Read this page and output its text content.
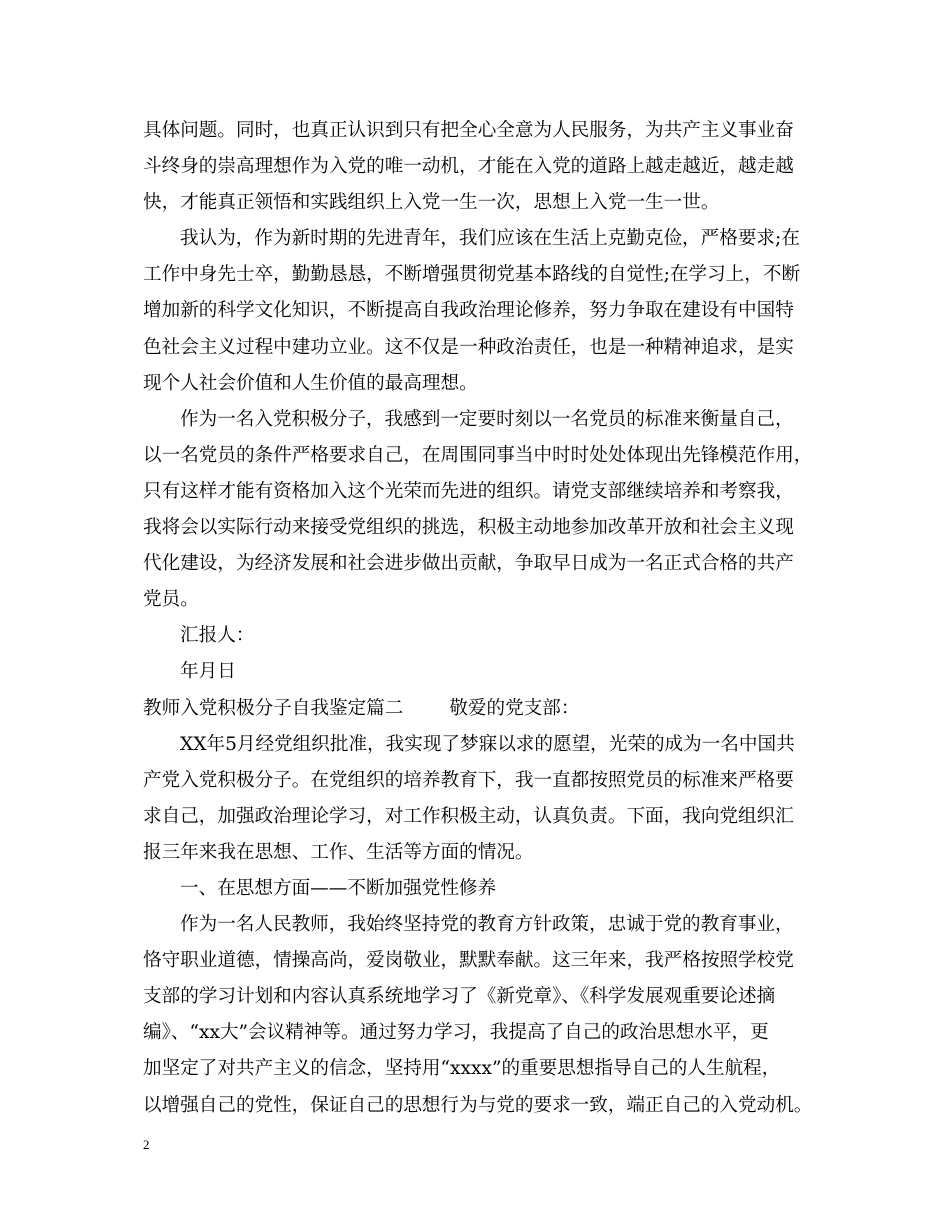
具体问题。同时，也真正认识到只有把全心全意为人民服务，为共产主义事业奋
斗终身的崇高理想作为入党的唯一动机，才能在入党的道路上越走越近，越走越
快，才能真正领悟和实践组织上入党一生一次，思想上入党一生一世。
我认为，作为新时期的先进青年，我们应该在生活上克勤克俭，严格要求;在
工作中身先士卒，勤勤恳恳，不断增强贯彻党基本路线的自觉性;在学习上，不断
增加新的科学文化知识，不断提高自我政治理论修养，努力争取在建设有中国特
色社会主义过程中建功立业。这不仅是一种政治责任，也是一种精神追求，是实
现个人社会价值和人生价值的最高理想。
作为一名入党积极分子，我感到一定要时刻以一名党员的标准来衡量自己，
以一名党员的条件严格要求自己，在周围同事当中时时处处体现出先锋模范作用，
只有这样才能有资格加入这个光荣而先进的组织。请党支部继续培养和考察我，
我将会以实际行动来接受党组织的挑选，积极主动地参加改革开放和社会主义现
代化建设，为经济发展和社会进步做出贡献，争取早日成为一名正式合格的共产
党员。
汇报人：
年月日
教师入党积极分子自我鉴定篇二 敬爱的党支部：
XX年5月经党组织批准，我实现了梦寐以求的愿望，光荣的成为一名中国共
产党入党积极分子。在党组织的培养教育下，我一直都按照党员的标准来严格要
求自己，加强政治理论学习，对工作积极主动，认真负责。下面，我向党组织汇
报三年来我在思想、工作、生活等方面的情况。
一、在思想方面——不断加强党性修养
作为一名人民教师，我始终坚持党的教育方针政策，忠诚于党的教育事业，
恪守职业道德，情操高尚，爱岗敬业，默默奉献。这三年来，我严格按照学校党
支部的学习计划和内容认真系统地学习了《新党章》、《科学发展观重要论述摘
编》、“xx大”会议精神等。通过努力学习，我提高了自己的政治思想水平，更
加坚定了对共产主义的信念，坚持用“xxxx”的重要思想指导自己的人生航程，
以增强自己的党性，保证自己的思想行为与党的要求一致，端正自己的入党动机。
2
